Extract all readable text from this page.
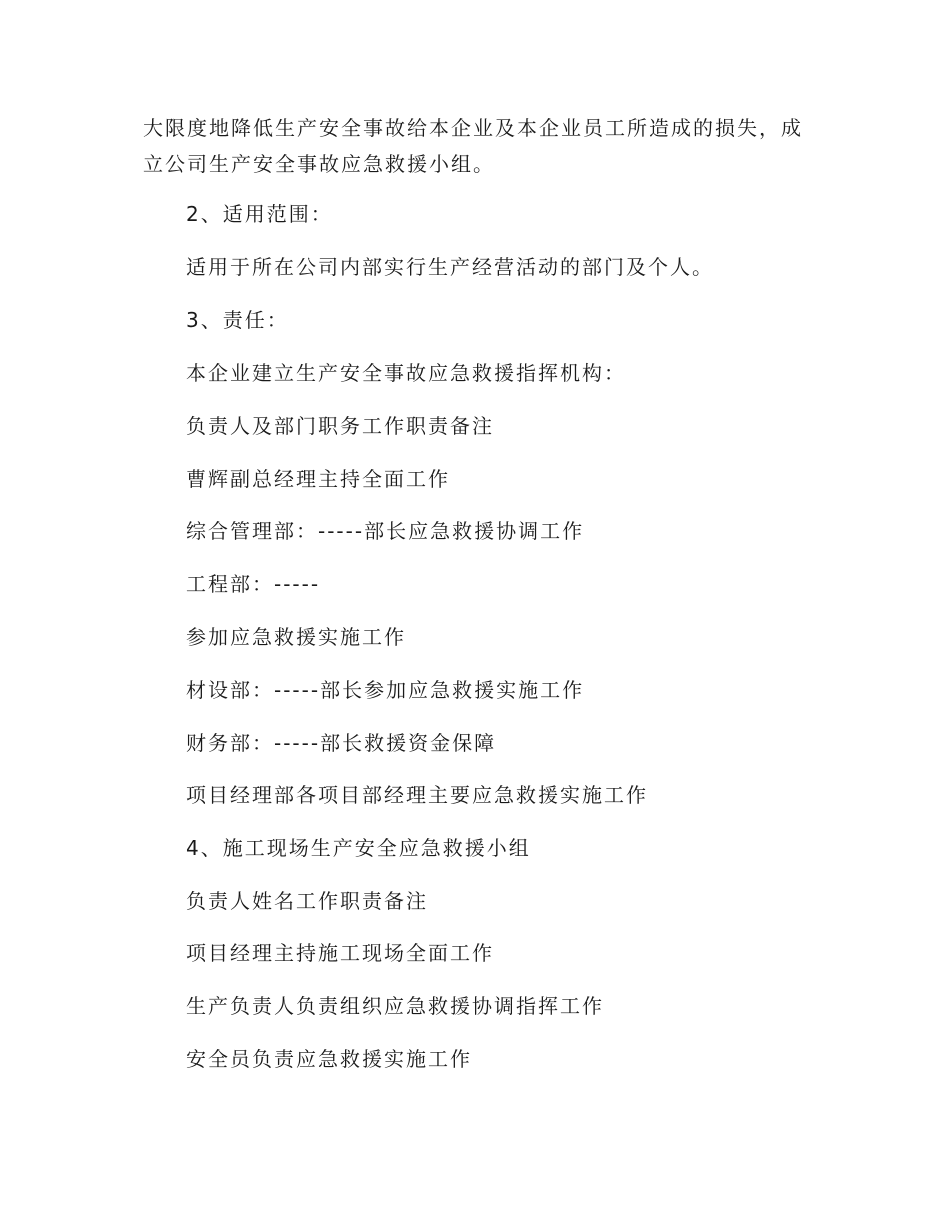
大限度地降低生产安全事故给本企业及本企业员工所造成的损失，成
立公司生产安全事故应急救援小组。

2、适用范围：

适用于所在公司内部实行生产经营活动的部门及个人。

3、责任：

本企业建立生产安全事故应急救援指挥机构：

负责人及部门职务工作职责备注

曹辉副总经理主持全面工作

综合管理部：-----部长应急救援协调工作

工程部：-----

参加应急救援实施工作

材设部：-----部长参加应急救援实施工作

财务部：-----部长救援资金保障

项目经理部各项目部经理主要应急救援实施工作

4、施工现场生产安全应急救援小组

负责人姓名工作职责备注

项目经理主持施工现场全面工作

生产负责人负责组织应急救援协调指挥工作

安全员负责应急救援实施工作
